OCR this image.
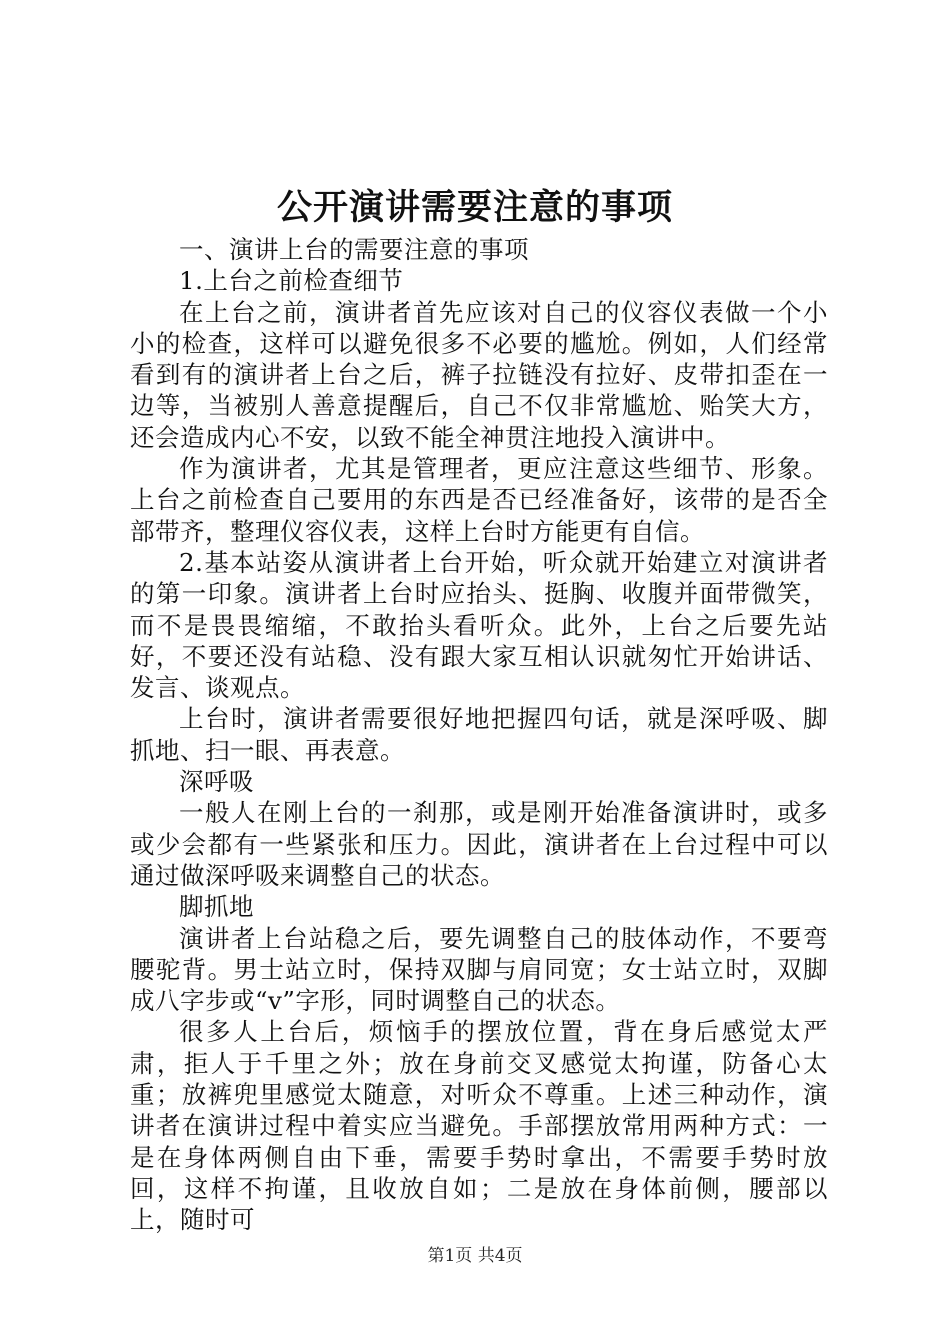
公开演讲需要注意的事项

一、演讲上台的需要注意的事项

1.上台之前检查细节

在上台之前，演讲者首先应该对自己的仪容仪表做一个小小的检查，这样可以避免很多不必要的尴尬。例如，人们经常看到有的演讲者上台之后，裤子拉链没有拉好、皮带扣歪在一边等，当被别人善意提醒后，自己不仅非常尴尬、贻笑大方，还会造成内心不安，以致不能全神贯注地投入演讲中。

作为演讲者，尤其是管理者，更应注意这些细节、形象。上台之前检查自己要用的东西是否已经准备好，该带的是否全部带齐，整理仪容仪表，这样上台时方能更有自信。

2.基本站姿从演讲者上台开始，听众就开始建立对演讲者的第一印象。演讲者上台时应抬头、挺胸、收腹并面带微笑，而不是畏畏缩缩，不敢抬头看听众。此外，上台之后要先站好，不要还没有站稳、没有跟大家互相认识就匆忙开始讲话、发言、谈观点。

上台时，演讲者需要很好地把握四句话，就是深呼吸、脚抓地、扫一眼、再表意。

深呼吸

一般人在刚上台的一刹那，或是刚开始准备演讲时，或多或少会都有一些紧张和压力。因此，演讲者在上台过程中可以通过做深呼吸来调整自己的状态。

脚抓地

演讲者上台站稳之后，要先调整自己的肢体动作，不要弯腰驼背。男士站立时，保持双脚与肩同宽；女士站立时，双脚成八字步或“v”字形，同时调整自己的状态。

很多人上台后，烦恼手的摆放位置，背在身后感觉太严肃，拒人于千里之外；放在身前交叉感觉太拘谨，防备心太重；放裤兜里感觉太随意，对听众不尊重。上述三种动作，演讲者在演讲过程中着实应当避免。手部摆放常用两种方式：一是在身体两侧自由下垂，需要手势时拿出，不需要手势时放回，这样不拘谨，且收放自如；二是放在身体前侧，腰部以上，随时可

第1页 共4页
